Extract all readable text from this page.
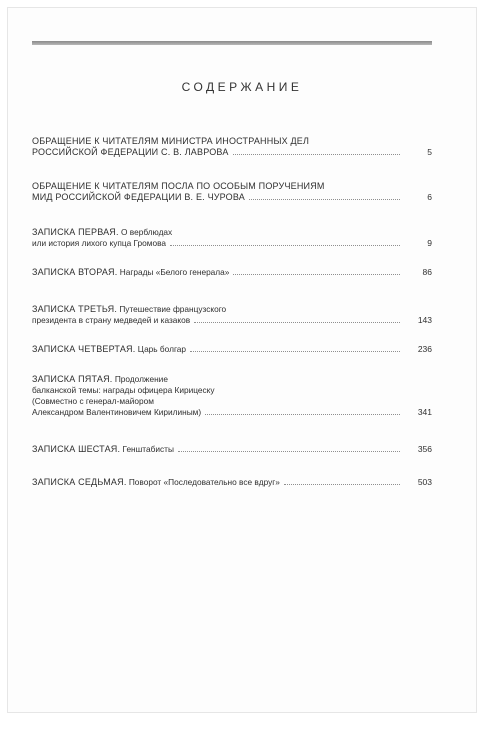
СОДЕРЖАНИЕ
ОБРАЩЕНИЕ К ЧИТАТЕЛЯМ МИНИСТРА ИНОСТРАННЫХ ДЕЛ
РОССИЙСКОЙ ФЕДЕРАЦИИ С. В. ЛАВРОВА	5
ОБРАЩЕНИЕ К ЧИТАТЕЛЯМ ПОСЛА ПО ОСОБЫМ ПОРУЧЕНИЯМ
МИД РОССИЙСКОЙ ФЕДЕРАЦИИ В. Е. ЧУРОВА	6
ЗАПИСКА ПЕРВАЯ.
О верблюдах
или история лихого купца Громова	9
ЗАПИСКА ВТОРАЯ.
Награды «Белого генерала»	86
ЗАПИСКА ТРЕТЬЯ.
Путешествие французского
президента в страну медведей и казаков	143
ЗАПИСКА ЧЕТВЕРТАЯ.
Царь болгар	236
ЗАПИСКА ПЯТАЯ.
Продолжение
балканской темы: награды офицера Кирицеску
(Совместно с генерал-майором
Александром Валентиновичем Кирилиным)	341
ЗАПИСКА ШЕСТАЯ.
Генштабисты	356
ЗАПИСКА СЕДЬМАЯ.
Поворот «Последовательно все вдруг»	503
